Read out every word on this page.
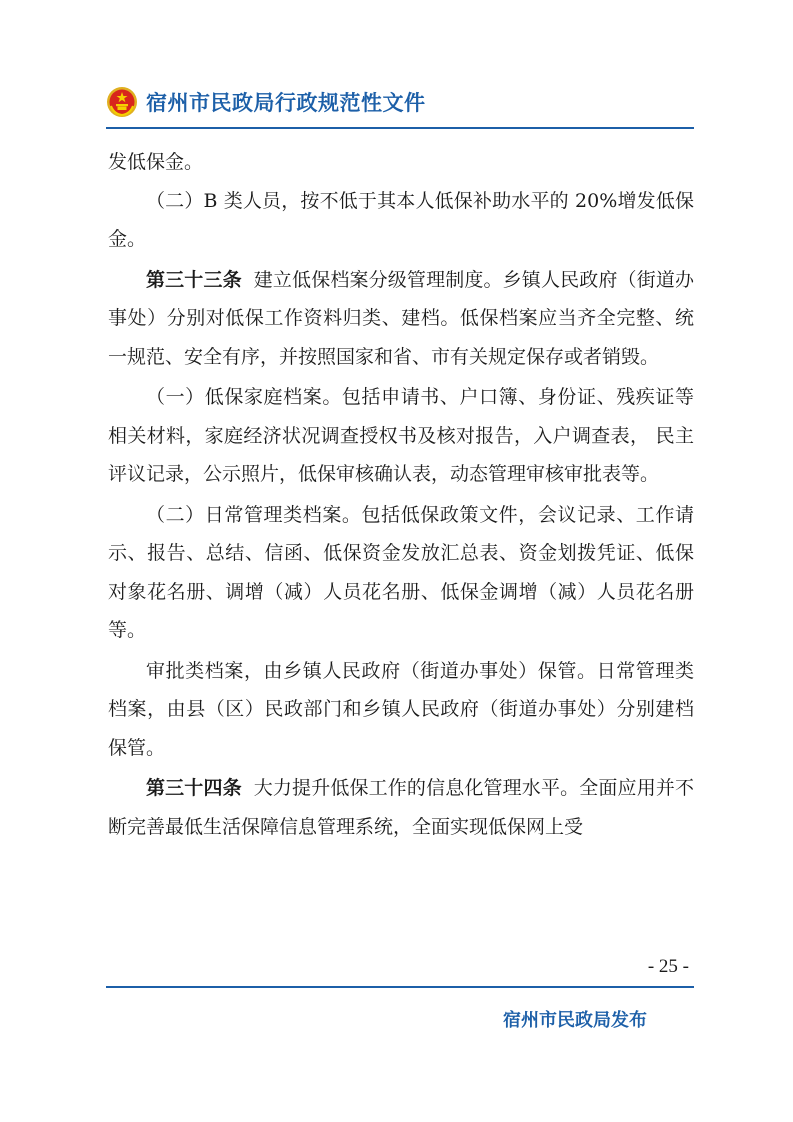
宿州市民政局行政规范性文件

发低保金。

（二）B 类人员，按不低于其本人低保补助水平的 20%增发低保金。

第三十三条 建立低保档案分级管理制度。乡镇人民政府（街道办事处）分别对低保工作资料归类、建档。低保档案应当齐全完整、统一规范、安全有序，并按照国家和省、市有关规定保存或者销毁。

（一）低保家庭档案。包括申请书、户口簿、身份证、残疾证等相关材料，家庭经济状况调查授权书及核对报告，入户调查表， 民主评议记录，公示照片，低保审核确认表，动态管理审核审批表等。

（二）日常管理类档案。包括低保政策文件，会议记录、工作请示、报告、总结、信函、低保资金发放汇总表、资金划拨凭证、低保对象花名册、调增（减）人员花名册、低保金调增（减）人员花名册等。

审批类档案，由乡镇人民政府（街道办事处）保管。日常管理类档案，由县（区）民政部门和乡镇人民政府（街道办事处）分别建档保管。

第三十四条 大力提升低保工作的信息化管理水平。全面应用并不断完善最低生活保障信息管理系统，全面实现低保网上受

- 25 -
宿州市民政局发布
